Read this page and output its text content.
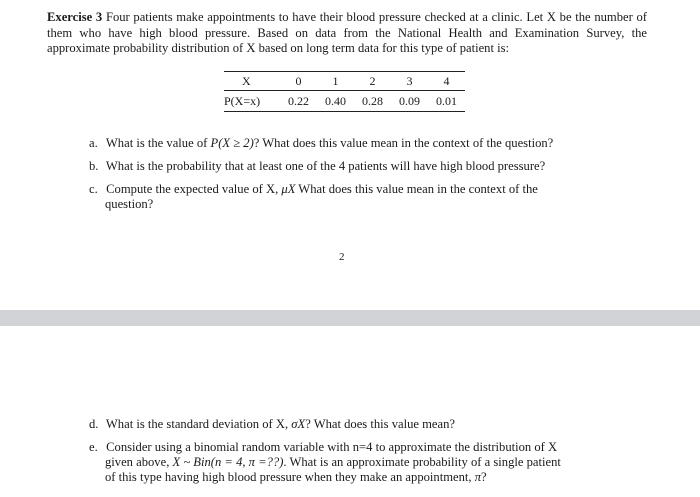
Exercise 3 Four patients make appointments to have their blood pressure checked at a clinic. Let X be the number of them who have high blood pressure. Based on data from the National Health and Examination Survey, the approximate probability distribution of X based on long term data for this type of patient is:
X	0	1	2	3	4
P(X=x)	0.22	0.40	0.28	0.09	0.01
a. What is the value of P(X ≥ 2)? What does this value mean in the context of the question?
b. What is the probability that at least one of the 4 patients will have high blood pressure?
c. Compute the expected value of X, μX What does this value mean in the context of the
question?
2
d. What is the standard deviation of X, σX? What does this value mean?
e. Consider using a binomial random variable with n=4 to approximate the distribution of X
given above, X ~ Bin(n = 4, π =??). What is an approximate probability of a single patient
of this type having high blood pressure when they make an appointment, π?
